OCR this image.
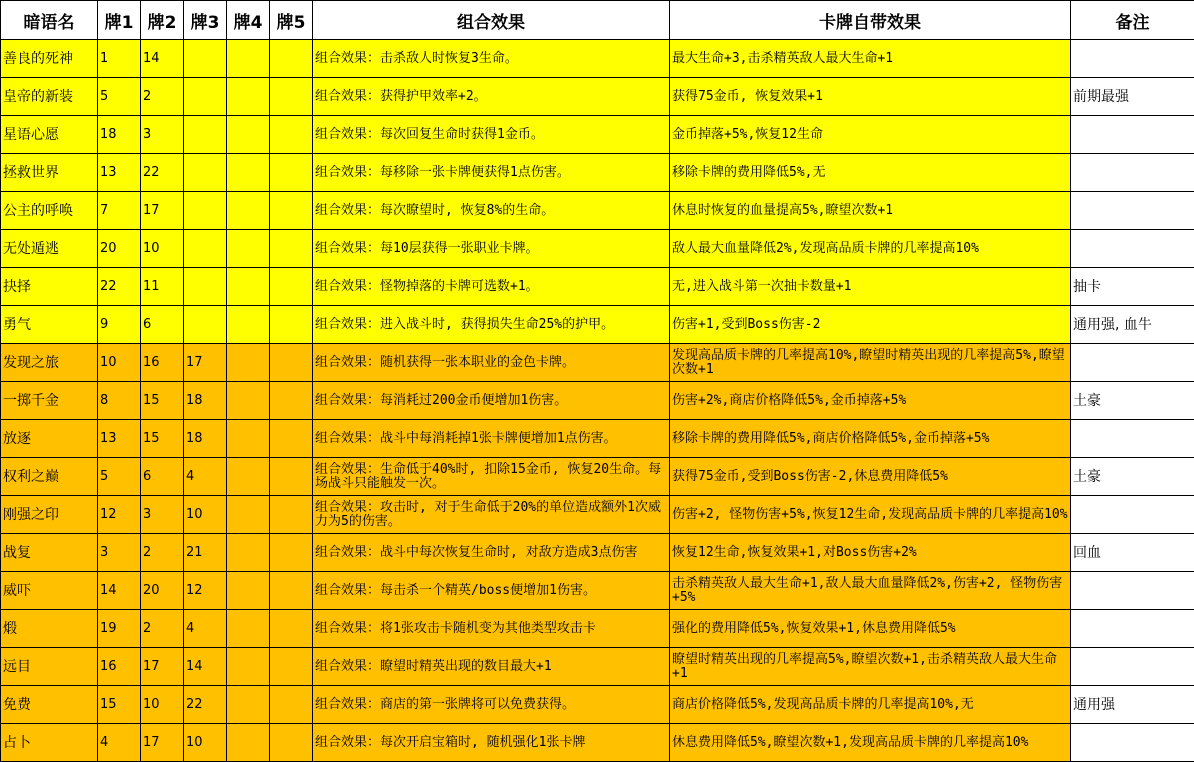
暗语名	牌1	牌2	牌3	牌4	牌5	组合效果	卡牌自带效果	备注
善良的死神	1	14				组合效果：击杀敌人时恢复3生命。	最大生命+3,击杀精英敌人最大生命+1	
皇帝的新装	5	2				组合效果：获得护甲效率+2。	获得75金币, 恢复效果+1	前期最强
星语心愿	18	3				组合效果：每次回复生命时获得1金币。	金币掉落+5%,恢复12生命	
拯救世界	13	22				组合效果：每移除一张卡牌便获得1点伤害。	移除卡牌的费用降低5%,无	
公主的呼唤	7	17				组合效果：每次瞭望时, 恢复8%的生命。	休息时恢复的血量提高5%,瞭望次数+1	
无处遁逃	20	10				组合效果：每10层获得一张职业卡牌。	敌人最大血量降低2%,发现高品质卡牌的几率提高10%	
抉择	22	11				组合效果：怪物掉落的卡牌可选数+1。	无,进入战斗第一次抽卡数量+1	抽卡
勇气	9	6				组合效果：进入战斗时, 获得损失生命25%的护甲。	伤害+1,受到Boss伤害-2	通用强, 血牛
发现之旅	10	16	17			组合效果：随机获得一张本职业的金色卡牌。	发现高品质卡牌的几率提高10%,瞭望时精英出现的几率提高5%,瞭望次数+1	
一掷千金	8	15	18			组合效果：每消耗过200金币便增加1伤害。	伤害+2%,商店价格降低5%,金币掉落+5%	土豪
放逐	13	15	18			组合效果：战斗中每消耗掉1张卡牌便增加1点伤害。	移除卡牌的费用降低5%,商店价格降低5%,金币掉落+5%	
权利之巅	5	6	4			组合效果：生命低于40%时, 扣除15金币, 恢复20生命。每场战斗只能触发一次。	获得75金币,受到Boss伤害-2,休息费用降低5%	土豪
刚强之印	12	3	10			组合效果：攻击时, 对于生命低于20%的单位造成额外1次威力为5的伤害。	伤害+2, 怪物伤害+5%,恢复12生命,发现高品质卡牌的几率提高10%	
战复	3	2	21			组合效果：战斗中每次恢复生命时, 对敌方造成3点伤害	恢复12生命,恢复效果+1,对Boss伤害+2%	回血
威吓	14	20	12			组合效果：每击杀一个精英/boss便增加1伤害。	击杀精英敌人最大生命+1,敌人最大血量降低2%,伤害+2, 怪物伤害+5%	
煅	19	2	4			组合效果：将1张攻击卡随机变为其他类型攻击卡	强化的费用降低5%,恢复效果+1,休息费用降低5%	
远目	16	17	14			组合效果：瞭望时精英出现的数目最大+1	瞭望时精英出现的几率提高5%,瞭望次数+1,击杀精英敌人最大生命+1	
免费	15	10	22			组合效果：商店的第一张牌将可以免费获得。	商店价格降低5%,发现高品质卡牌的几率提高10%,无	通用强
占卜	4	17	10			组合效果：每次开启宝箱时, 随机强化1张卡牌	休息费用降低5%,瞭望次数+1,发现高品质卡牌的几率提高10%	
